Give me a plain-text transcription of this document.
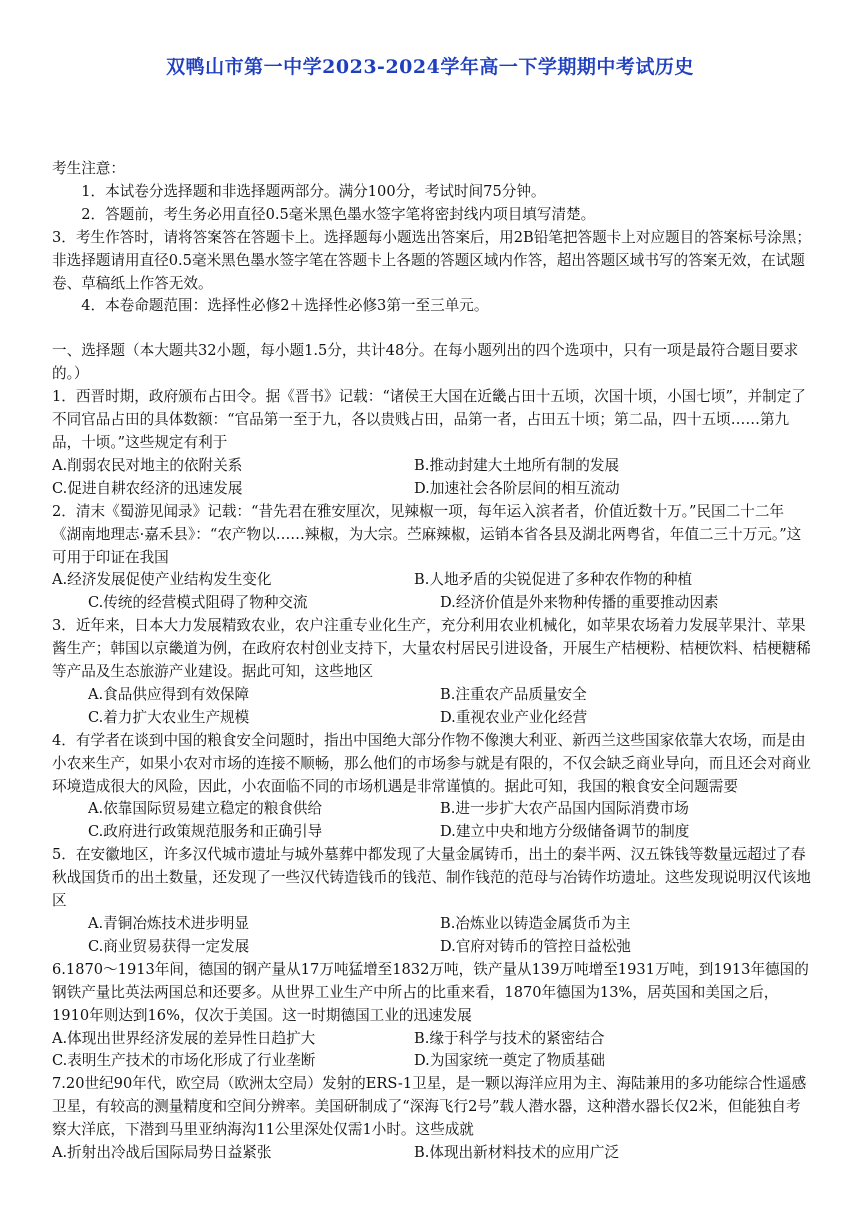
双鸭山市第一中学2023-2024学年高一下学期期中考试历史

考生注意：

1．本试卷分选择题和非选择题两部分。满分100分，考试时间75分钟。

2．答题前，考生务必用直径0.5毫米黑色墨水签字笔将密封线内项目填写清楚。

3．考生作答时，请将答案答在答题卡上。选择题每小题选出答案后，用2B铅笔把答题卡上对应题目的答案标号涂黑；非选择题请用直径0.5毫米黑色墨水签字笔在答题卡上各题的答题区域内作答，超出答题区域书写的答案无效，在试题卷、草稿纸上作答无效。

4．本卷命题范围：选择性必修2＋选择性必修3第一至三单元。

一、选择题（本大题共32小题，每小题1.5分，共计48分。在每小题列出的四个选项中，只有一项是最符合题目要求的。）

1．西晋时期，政府颁布占田令。据《晋书》记载：“诸侯王大国在近畿占田十五顷，次国十顷，小国七顷”，并制定了不同官品占田的具体数额：“官品第一至于九，各以贵贱占田，品第一者，占田五十顷；第二品，四十五顷……第九品，十顷。”这些规定有利于

A.削弱农民对地主的依附关系	B.推动封建大土地所有制的发展
C.促进自耕农经济的迅速发展	D.加速社会各阶层间的相互流动

2．清末《蜀游见闻录》记载：“昔先君在雅安厘次，见辣椒一项，每年运入滨者者，价值近数十万。”民国二十二年《湖南地理志·嘉禾县》：“农产物以……辣椒，为大宗。苎麻辣椒，运销本省各县及湖北两粤省，年值二三十万元。”这可用于印证在我国

A.经济发展促使产业结构发生变化	B.人地矛盾的尖锐促进了多种农作物的种植
C.传统的经营模式阻碍了物种交流	D.经济价值是外来物种传播的重要推动因素

3．近年来，日本大力发展精致农业，农户注重专业化生产，充分利用农业机械化，如苹果农场着力发展苹果汁、苹果酱生产；韩国以京畿道为例，在政府农村创业支持下，大量农村居民引进设备，开展生产桔梗粉、桔梗饮料、桔梗糖稀等产品及生态旅游产业建设。据此可知，这些地区

A.食品供应得到有效保障	B.注重农产品质量安全
C.着力扩大农业生产规模	D.重视农业产业化经营

4．有学者在谈到中国的粮食安全问题时，指出中国绝大部分作物不像澳大利亚、新西兰这些国家依靠大农场，而是由小农来生产，如果小农对市场的连接不顺畅，那么他们的市场参与就是有限的，不仅会缺乏商业导向，而且还会对商业环境造成很大的风险，因此，小农面临不同的市场机遇是非常谨慎的。据此可知，我国的粮食安全问题需要

A.依靠国际贸易建立稳定的粮食供给	B.进一步扩大农产品国内国际消费市场
C.政府进行政策规范服务和正确引导	D.建立中央和地方分级储备调节的制度

5．在安徽地区，许多汉代城市遗址与城外墓葬中都发现了大量金属铸币，出土的秦半两、汉五铢钱等数量远超过了春秋战国货币的出土数量，还发现了一些汉代铸造钱币的钱范、制作钱范的范母与冶铸作坊遗址。这些发现说明汉代该地区

A.青铜冶炼技术进步明显	B.冶炼业以铸造金属货币为主
C.商业贸易获得一定发展	D.官府对铸币的管控日益松弛

6.1870～1913年间，德国的钢产量从17万吨猛增至1832万吨，铁产量从139万吨增至1931万吨，到1913年德国的钢铁产量比英法两国总和还要多。从世界工业生产中所占的比重来看，1870年德国为13%，居英国和美国之后，1910年则达到16%，仅次于美国。这一时期德国工业的迅速发展

A.体现出世界经济发展的差异性日趋扩大	B.缘于科学与技术的紧密结合
C.表明生产技术的市场化形成了行业垄断	D.为国家统一奠定了物质基础

7.20世纪90年代，欧空局（欧洲太空局）发射的ERS-1卫星，是一颗以海洋应用为主、海陆兼用的多功能综合性遥感卫星，有较高的测量精度和空间分辨率。美国研制成了“深海飞行2号”载人潜水器，这种潜水器长仅2米，但能独自考察大洋底，下潜到马里亚纳海沟11公里深处仅需1小时。这些成就

A.折射出冷战后国际局势日益紧张	B.体现出新材料技术的应用广泛
